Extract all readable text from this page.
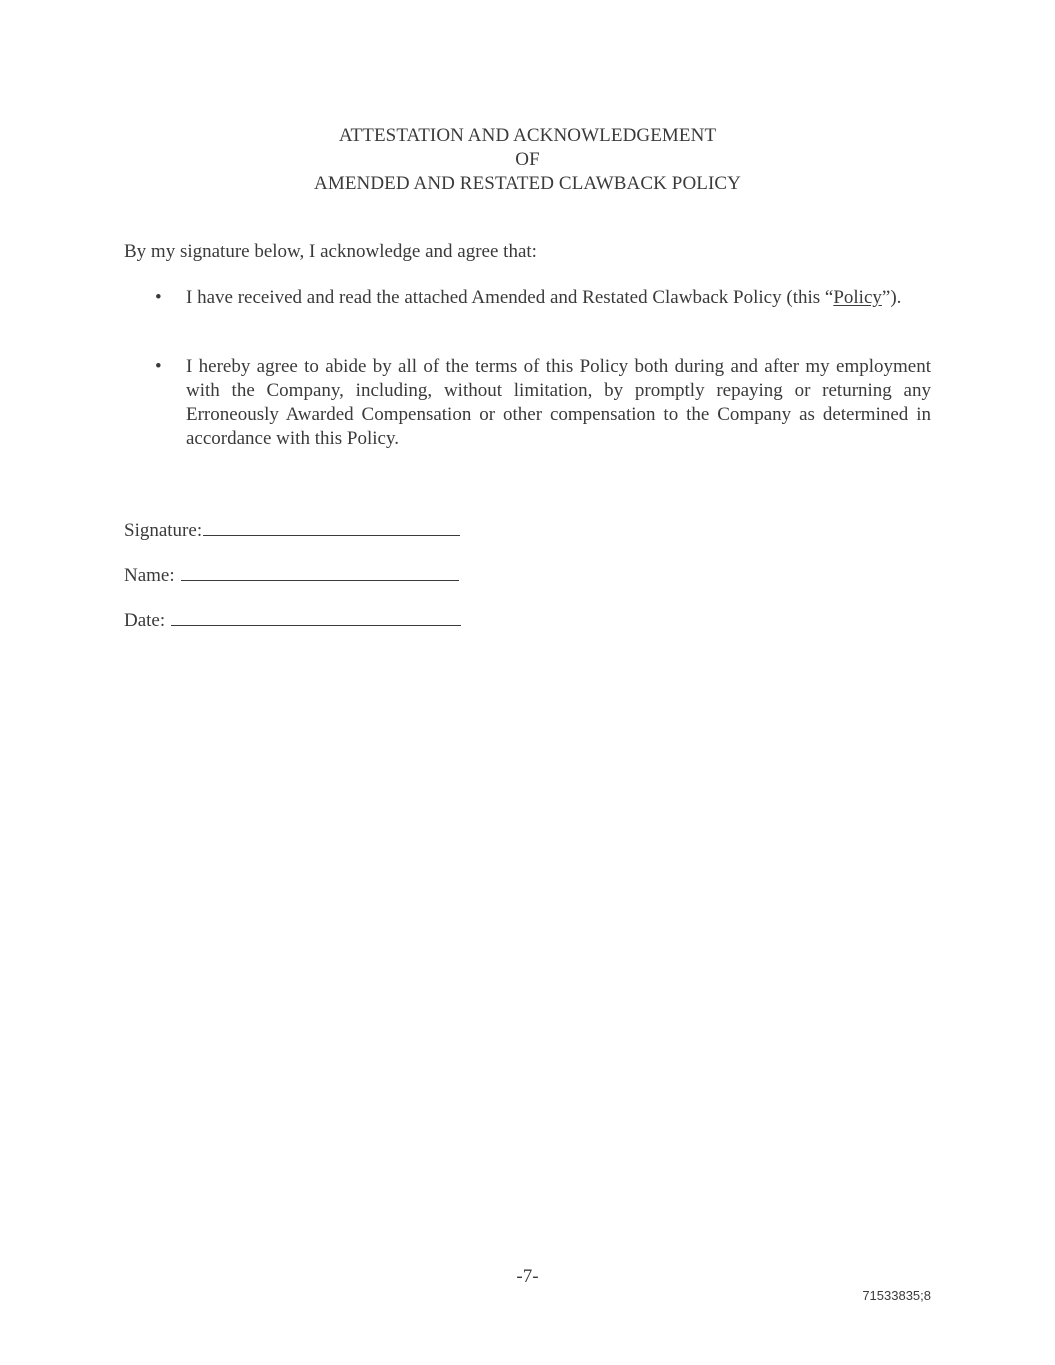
ATTESTATION AND ACKNOWLEDGEMENT
OF
AMENDED AND RESTATED CLAWBACK POLICY
By my signature below, I acknowledge and agree that:
• I have received and read the attached Amended and Restated Clawback Policy (this “Policy”).
• I hereby agree to abide by all of the terms of this Policy both during and after my employment with the Company, including, without limitation, by promptly repaying or returning any Erroneously Awarded Compensation or other compensation to the Company as determined in accordance with this Policy.
Signature:
Name:
Date:
-7-
71533835;8
